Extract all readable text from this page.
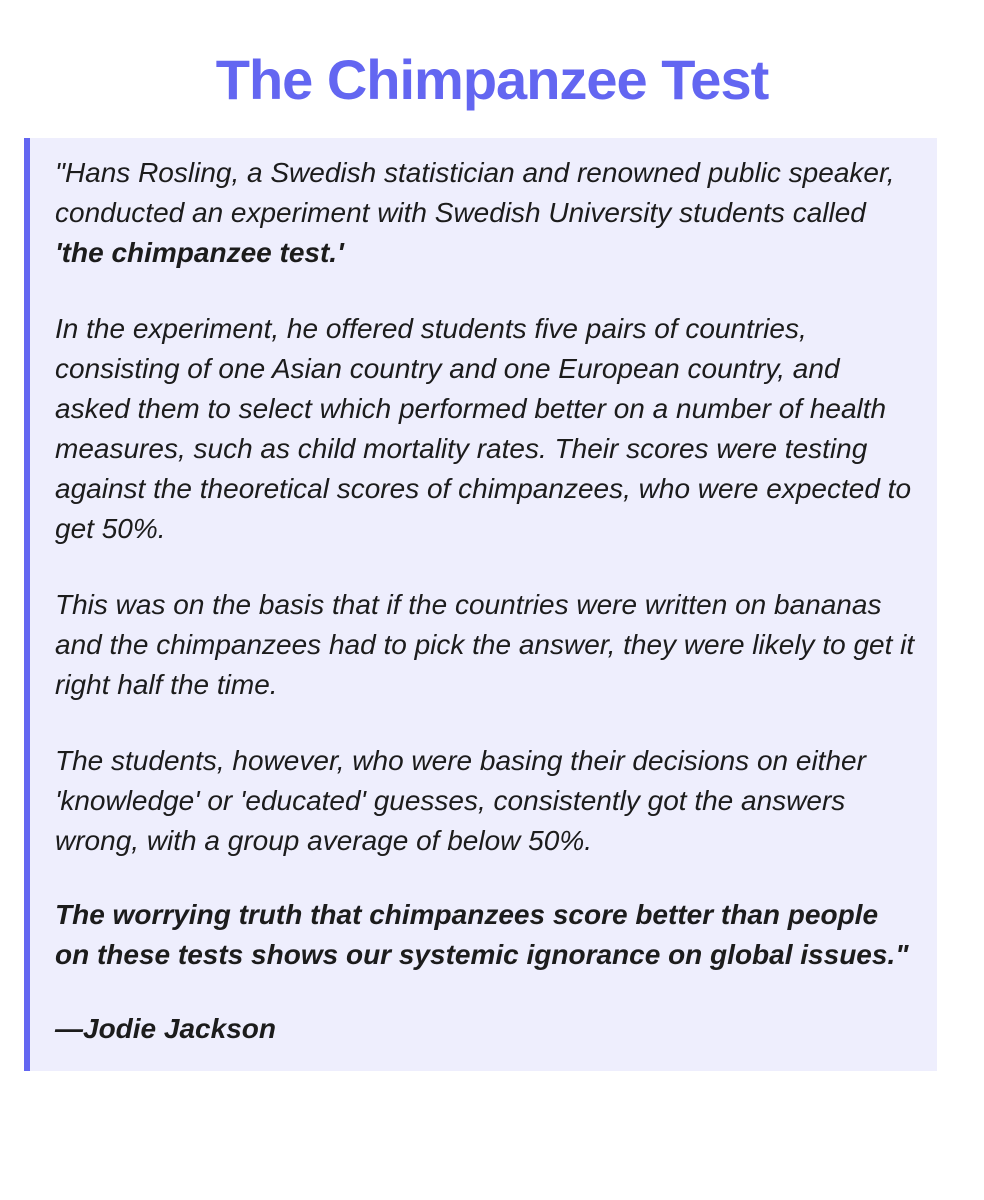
The Chimpanzee Test

"Hans Rosling, a Swedish statistician and renowned public speaker, conducted an experiment with Swedish University students called 'the chimpanzee test.'

In the experiment, he offered students five pairs of countries, consisting of one Asian country and one European country, and asked them to select which performed better on a number of health measures, such as child mortality rates. Their scores were testing against the theoretical scores of chimpanzees, who were expected to get 50%.

This was on the basis that if the countries were written on bananas and the chimpanzees had to pick the answer, they were likely to get it right half the time.

The students, however, who were basing their decisions on either 'knowledge' or 'educated' guesses, consistently got the answers wrong, with a group average of below 50%.

The worrying truth that chimpanzees score better than people on these tests shows our systemic ignorance on global issues."

—Jodie Jackson
